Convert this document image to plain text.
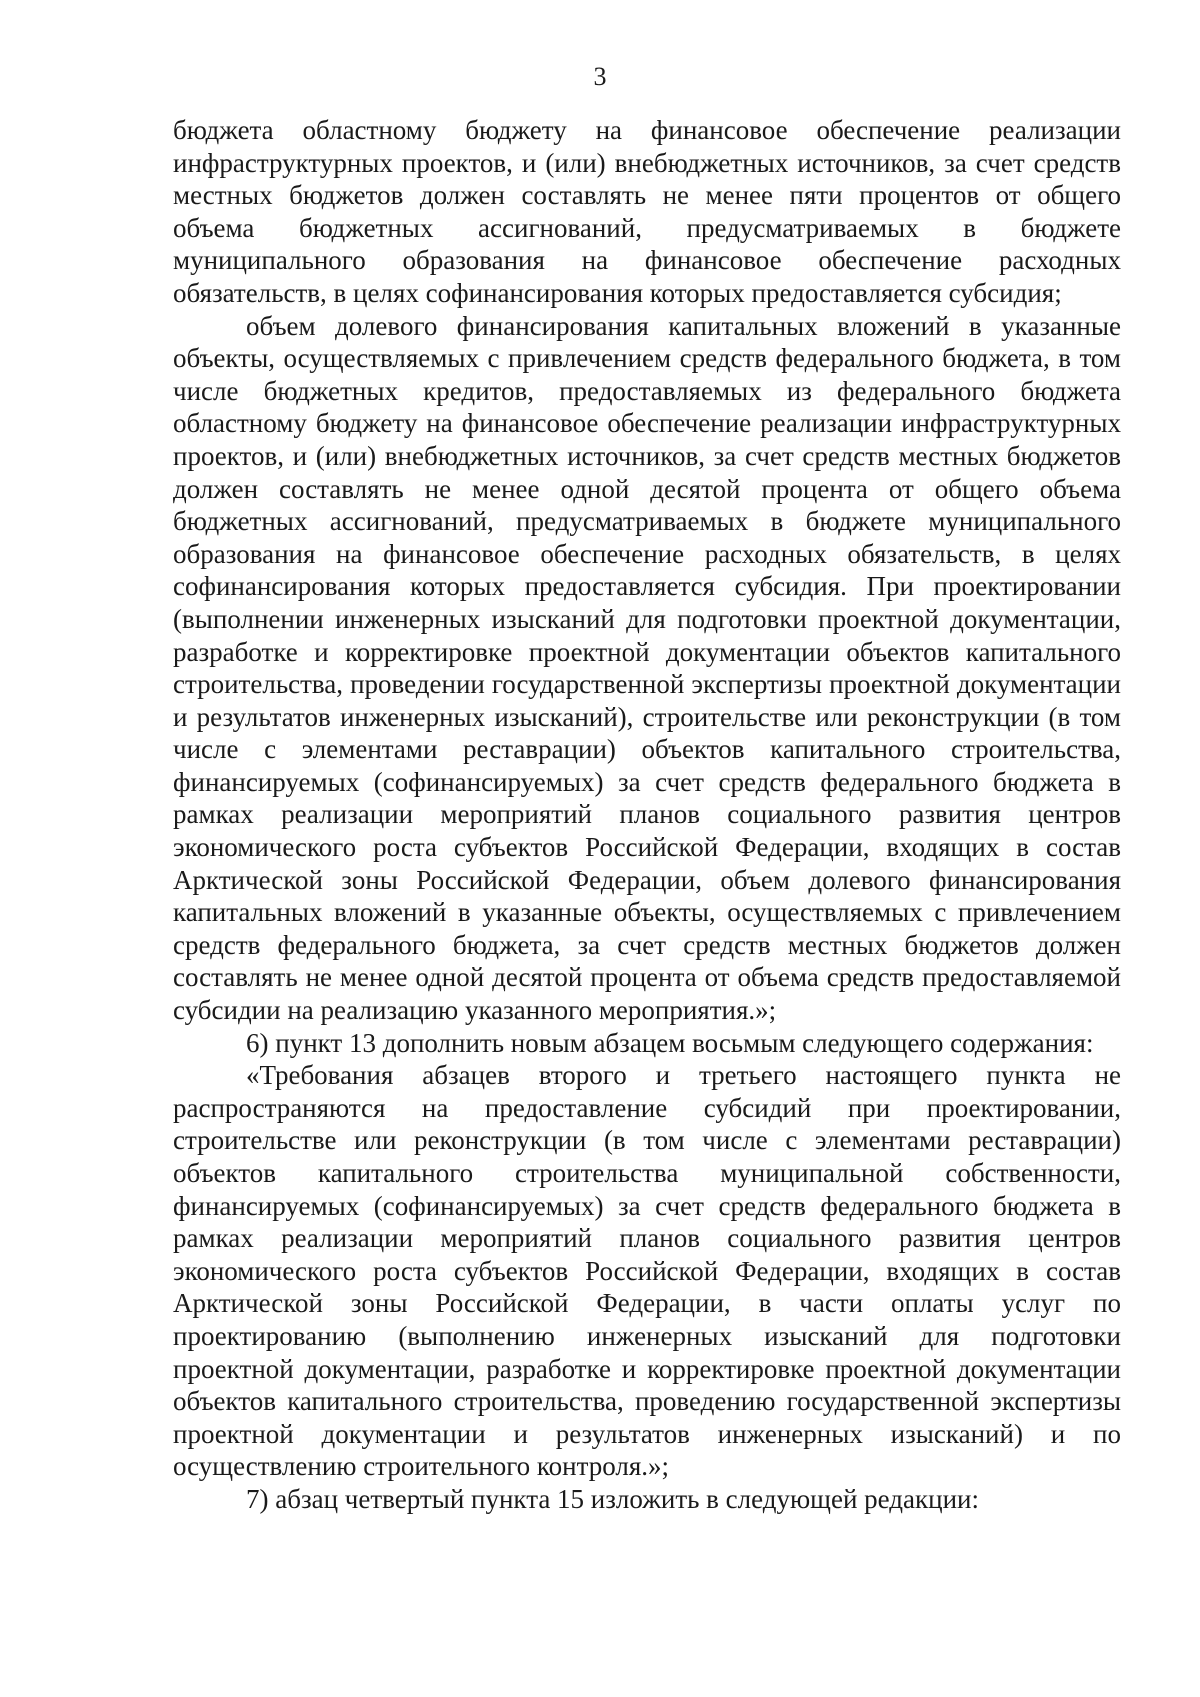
3

бюджета областному бюджету на финансовое обеспечение реализации инфраструктурных проектов, и (или) внебюджетных источников, за счет средств местных бюджетов должен составлять не менее пяти процентов от общего объема бюджетных ассигнований, предусматриваемых в бюджете муниципального образования на финансовое обеспечение расходных обязательств, в целях софинансирования которых предоставляется субсидия;

объем долевого финансирования капитальных вложений в указанные объекты, осуществляемых с привлечением средств федерального бюджета, в том числе бюджетных кредитов, предоставляемых из федерального бюджета областному бюджету на финансовое обеспечение реализации инфраструктурных проектов, и (или) внебюджетных источников, за счет средств местных бюджетов должен составлять не менее одной десятой процента от общего объема бюджетных ассигнований, предусматриваемых в бюджете муниципального образования на финансовое обеспечение расходных обязательств, в целях софинансирования которых предоставляется субсидия. При проектировании (выполнении инженерных изысканий для подготовки проектной документации, разработке и корректировке проектной документации объектов капитального строительства, проведении государственной экспертизы проектной документации и результатов инженерных изысканий), строительстве или реконструкции (в том числе с элементами реставрации) объектов капитального строительства, финансируемых (софинансируемых) за счет средств федерального бюджета в рамках реализации мероприятий планов социального развития центров экономического роста субъектов Российской Федерации, входящих в состав Арктической зоны Российской Федерации, объем долевого финансирования капитальных вложений в указанные объекты, осуществляемых с привлечением средств федерального бюджета, за счет средств местных бюджетов должен составлять не менее одной десятой процента от объема средств предоставляемой субсидии на реализацию указанного мероприятия.»;

6) пункт 13 дополнить новым абзацем восьмым следующего содержания:

«Требования абзацев второго и третьего настоящего пункта не распространяются на предоставление субсидий при проектировании, строительстве или реконструкции (в том числе с элементами реставрации) объектов капитального строительства муниципальной собственности, финансируемых (софинансируемых) за счет средств федерального бюджета в рамках реализации мероприятий планов социального развития центров экономического роста субъектов Российской Федерации, входящих в состав Арктической зоны Российской Федерации, в части оплаты услуг по проектированию (выполнению инженерных изысканий для подготовки проектной документации, разработке и корректировке проектной документации объектов капитального строительства, проведению государственной экспертизы проектной документации и результатов инженерных изысканий) и по осуществлению строительного контроля.»;

7) абзац четвертый пункта 15 изложить в следующей редакции:
